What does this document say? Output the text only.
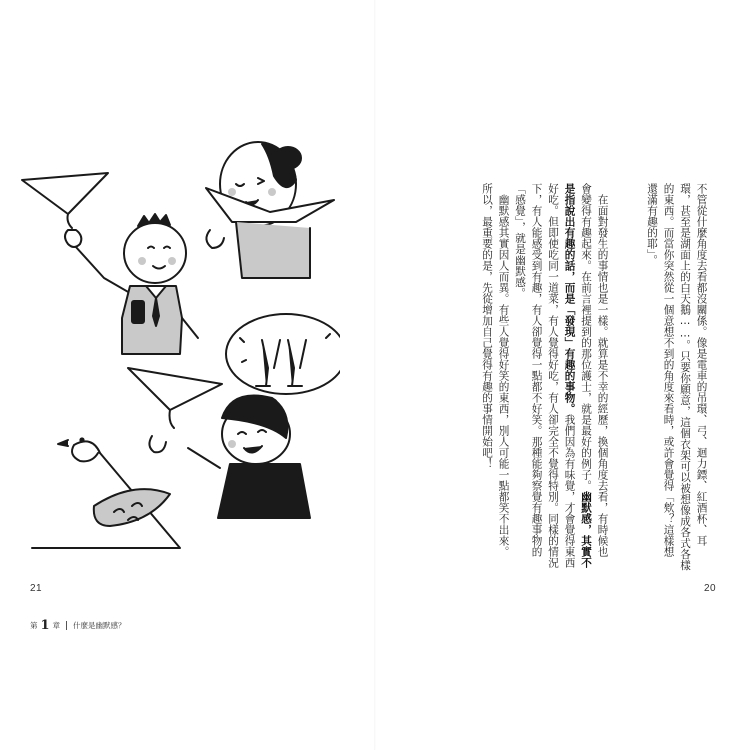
21
第 1 章 什麼是幽默感？
不管從什麼角度去看都沒關係。像是電車的吊環、弓、迴力鏢、紅酒杯、耳
環，甚至是湖面上的白天鵝……。只要你願意，這個衣架可以被想像成各式各樣
的東西。而當你突然從一個意想不到的角度來看時，或許會覺得「欸？這樣想
還滿有趣的耶」。
　在面對發生的事情也是一樣。就算是不幸的經歷，換個角度去看，有時候也
會變得有趣起來。在前言裡提到的那位護士，就是最好的例子。幽默感，其實不
是指說出有趣的話，而是「發現」有趣的事物。我們因為有味覺，才會覺得東西
好吃。但即使吃同一道菜，有人覺得好吃，有人卻完全不覺得特別。同樣的情況
下，有人能感受到有趣，有人卻覺得一點都不好笑。那種能夠察覺有趣事物的
「感覺」，就是幽默感。
　幽默感其實因人而異。有些人覺得好笑的東西，別人可能一點都笑不出來。
所以，最重要的是，先從增加自己覺得有趣的事情開始吧！
20
